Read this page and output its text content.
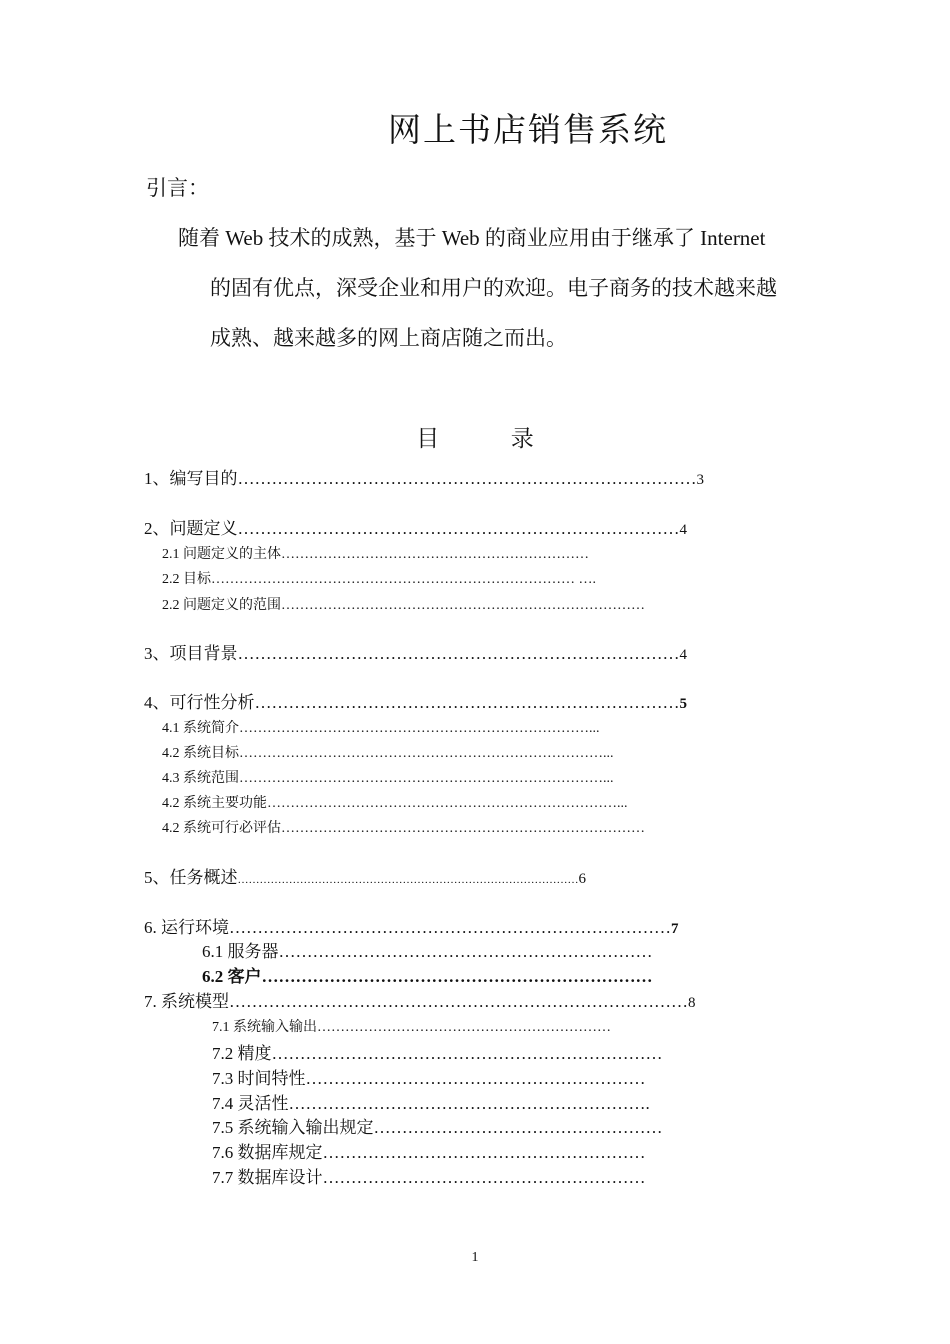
网上书店销售系统
引言：
随着 Web 技术的成熟，基于 Web 的商业应用由于继承了 Internet
的固有优点，深受企业和用户的欢迎。电子商务的技术越来越
成熟、越来越多的网上商店随之而出。
目	录
1、编写目的………………………………………………………………………3
2、问题定义……………………………………………………………………4
2.1 问题定义的主体…………………………………………………………
2.2 目标…………………………………………………………………… ….
2.2 问题定义的范围……………………………………………………………………
3、项目背景……………………………………………………………………4
4、可行性分析…………………………………………………………………5
4.1 系统简介…………………………………………………………………...
4.2 系统目标……………………………………………………………………...
4.3 系统范围……………………………………………………………………...
4.2 系统主要功能…………………………………………………………………...
4.2 系统可行必评估……………………………………………………………………
5、任务概述…………………………………………………………………………………6
6. 运行环境……………………………………………………………………7
6.1 服务器…………………………………………………………
6.2 客户……………………………………………………………
7. 系统模型………………………………………………………………………8
7.1 系统输入输出………………………………………………………
7.2 精度……………………………………………………………
7.3 时间特性……………………………………………………
7.4 灵活性……………………………………………………….
7.5 系统输入输出规定……………………………………………
7.6 数据库规定…………………………………………………
7.7 数据库设计…………………………………………………
1
